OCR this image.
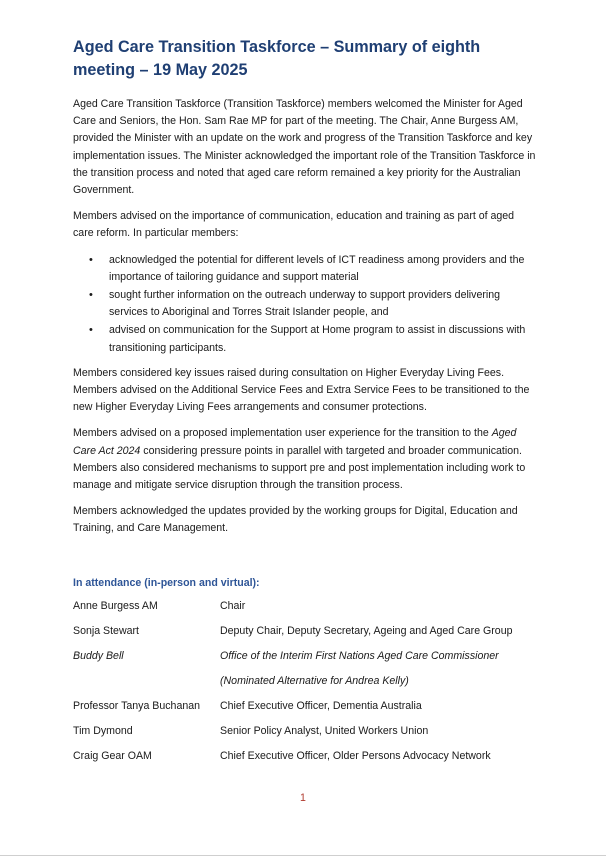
Aged Care Transition Taskforce – Summary of eighth meeting – 19 May 2025

Aged Care Transition Taskforce (Transition Taskforce) members welcomed the Minister for Aged Care and Seniors, the Hon. Sam Rae MP for part of the meeting. The Chair, Anne Burgess AM, provided the Minister with an update on the work and progress of the Transition Taskforce and key implementation issues. The Minister acknowledged the important role of the Transition Taskforce in the transition process and noted that aged care reform remained a key priority for the Australian Government.

Members advised on the importance of communication, education and training as part of aged care reform. In particular members:

• acknowledged the potential for different levels of ICT readiness among providers and the importance of tailoring guidance and support material
• sought further information on the outreach underway to support providers delivering services to Aboriginal and Torres Strait Islander people, and
• advised on communication for the Support at Home program to assist in discussions with transitioning participants.

Members considered key issues raised during consultation on Higher Everyday Living Fees. Members advised on the Additional Service Fees and Extra Service Fees to be transitioned to the new Higher Everyday Living Fees arrangements and consumer protections.

Members advised on a proposed implementation user experience for the transition to the Aged Care Act 2024 considering pressure points in parallel with targeted and broader communication. Members also considered mechanisms to support pre and post implementation including work to manage and mitigate service disruption through the transition process.

Members acknowledged the updates provided by the working groups for Digital, Education and Training, and Care Management.

In attendance (in-person and virtual):
Anne Burgess AM	Chair
Sonja Stewart	Deputy Chair, Deputy Secretary, Ageing and Aged Care Group
Buddy Bell	Office of the Interim First Nations Aged Care Commissioner
(Nominated Alternative for Andrea Kelly)

Professor Tanya Buchanan	Chief Executive Officer, Dementia Australia
Tim Dymond	Senior Policy Analyst, United Workers Union
Craig Gear OAM	Chief Executive Officer, Older Persons Advocacy Network
1
